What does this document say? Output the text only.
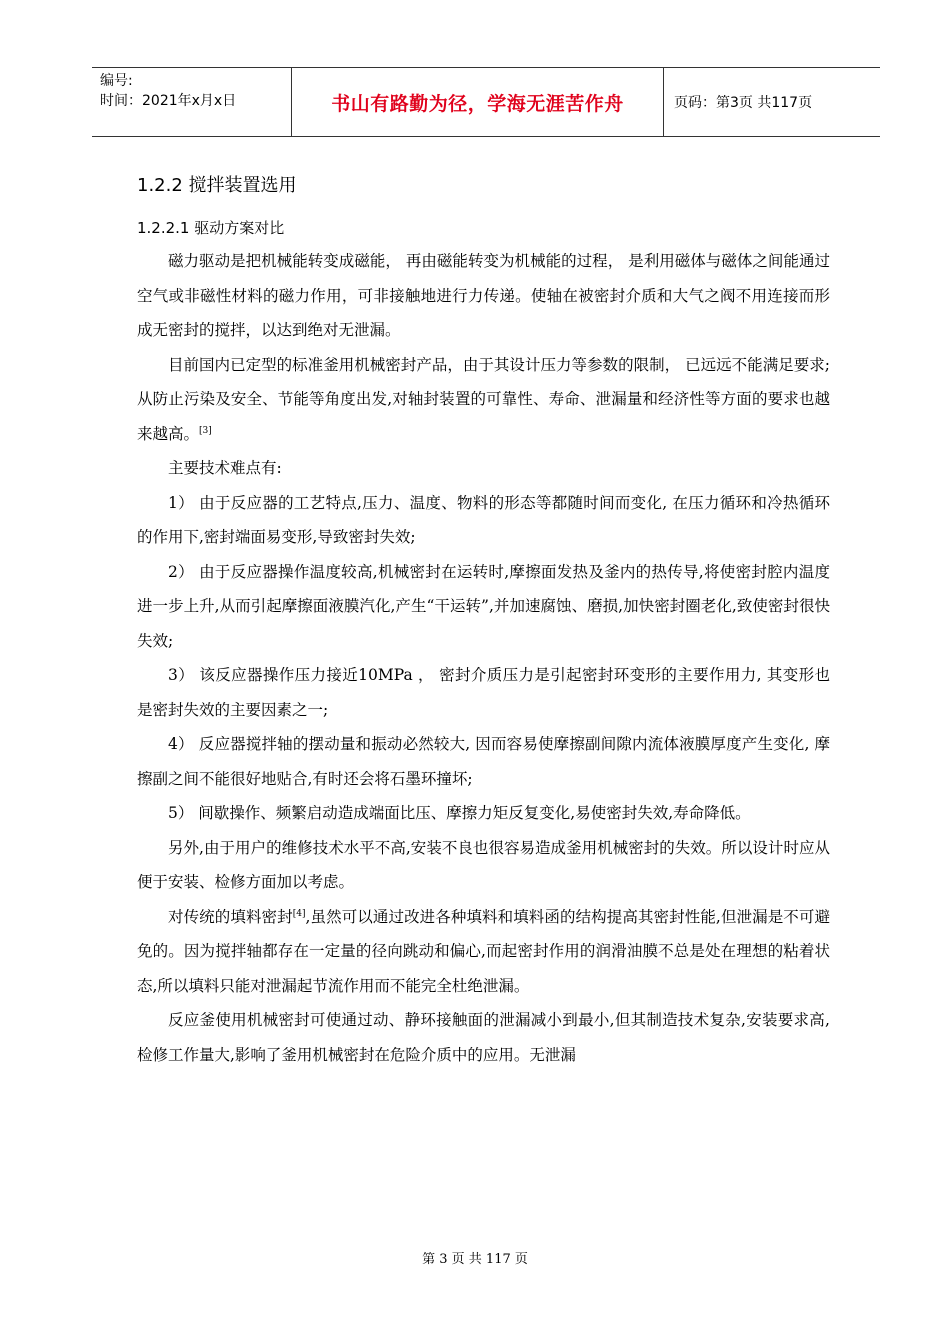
编号:
时间：2021年x月x日	书山有路勤为径，学海无涯苦作舟	页码：第3页 共117页
1.2.2 搅拌装置选用
1.2.2.1 驱动方案对比

磁力驱动是把机械能转变成磁能， 再由磁能转变为机械能的过程， 是利用磁体与磁体之间能通过空气或非磁性材料的磁力作用，可非接触地进行力传递。使轴在被密封介质和大气之阀不用连接而形成无密封的搅拌，以达到绝对无泄漏。

目前国内已定型的标准釜用机械密封产品，由于其设计压力等参数的限制， 已远远不能满足要求;从防止污染及安全、节能等角度出发,对轴封装置的可靠性、寿命、泄漏量和经济性等方面的要求也越来越高。[3]

主要技术难点有:

1） 由于反应器的工艺特点,压力、温度、物料的形态等都随时间而变化, 在压力循环和冷热循环的作用下,密封端面易变形,导致密封失效;

2） 由于反应器操作温度较高,机械密封在运转时,摩擦面发热及釜内的热传导,将使密封腔内温度进一步上升,从而引起摩擦面液膜汽化,产生“干运转”,并加速腐蚀、磨损,加快密封圈老化,致使密封很快失效;

3） 该反应器操作压力接近10MPa ， 密封介质压力是引起密封环变形的主要作用力, 其变形也是密封失效的主要因素之一;

4） 反应器搅拌轴的摆动量和振动必然较大, 因而容易使摩擦副间隙内流体液膜厚度产生变化, 摩擦副之间不能很好地贴合,有时还会将石墨环撞坏;

5） 间歇操作、频繁启动造成端面比压、摩擦力矩反复变化,易使密封失效,寿命降低。

另外,由于用户的维修技术水平不高,安装不良也很容易造成釜用机械密封的失效。所以设计时应从便于安装、检修方面加以考虑。

对传统的填料密封[4],虽然可以通过改进各种填料和填料函的结构提高其密封性能,但泄漏是不可避免的。因为搅拌轴都存在一定量的径向跳动和偏心,而起密封作用的润滑油膜不总是处在理想的粘着状态,所以填料只能对泄漏起节流作用而不能完全杜绝泄漏。

反应釜使用机械密封可使通过动、静环接触面的泄漏减小到最小,但其制造技术复杂,安装要求高,检修工作量大,影响了釜用机械密封在危险介质中的应用。无泄漏

第 3 页 共 117 页
